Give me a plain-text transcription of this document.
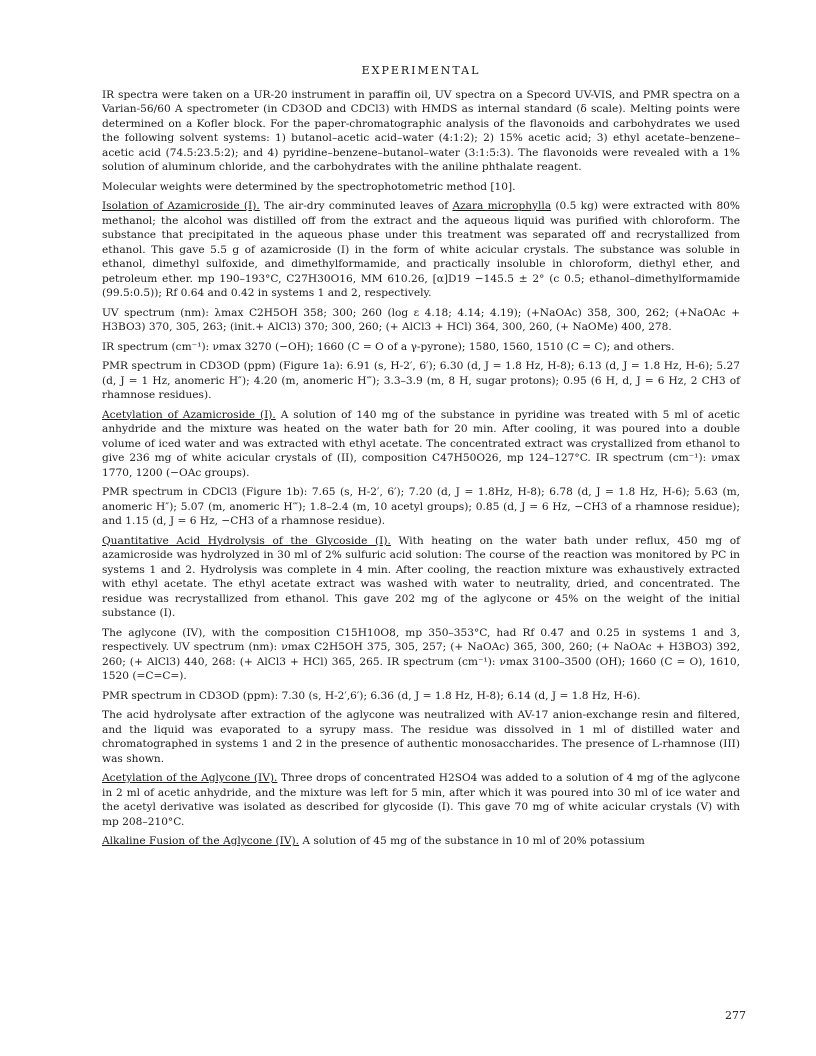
EXPERIMENTAL

IR spectra were taken on a UR-20 instrument in paraffin oil, UV spectra on a Specord UV-VIS, and PMR spectra on a Varian-56/60 A spectrometer (in CD3OD and CDCl3) with HMDS as internal standard (δ scale). Melting points were determined on a Kofler block. For the paper-chromatographic analysis of the flavonoids and carbohydrates we used the following solvent systems: 1) butanol–acetic acid–water (4:1:2); 2) 15% acetic acid; 3) ethyl acetate–benzene–acetic acid (74.5:23.5:2); and 4) pyridine–benzene–butanol–water (3:1:5:3). The flavonoids were revealed with a 1% solution of aluminum chloride, and the carbohydrates with the aniline phthalate reagent.

Molecular weights were determined by the spectrophotometric method [10].

Isolation of Azamicroside (I). The air-dry comminuted leaves of Azara microphylla (0.5 kg) were extracted with 80% methanol; the alcohol was distilled off from the extract and the aqueous liquid was purified with chloroform. The substance that precipitated in the aqueous phase under this treatment was separated off and recrystallized from ethanol. This gave 5.5 g of azamicroside (I) in the form of white acicular crystals. The substance was soluble in ethanol, dimethyl sulfoxide, and dimethylformamide, and practically insoluble in chloroform, diethyl ether, and petroleum ether. mp 190–193°C, C27H30O16, MM 610.26, [α]D19 −145.5 ± 2° (c 0.5; ethanol–dimethylformamide (99.5:0.5)); Rf 0.64 and 0.42 in systems 1 and 2, respectively.

UV spectrum (nm): λmax C2H5OH 358; 300; 260 (log ε 4.18; 4.14; 4.19); (+NaOAc) 358, 300, 262; (+NaOAc + H3BO3) 370, 305, 263; (init.+ AlCl3) 370; 300, 260; (+ AlCl3 + HCl) 364, 300, 260, (+ NaOMe) 400, 278.

IR spectrum (cm⁻¹): νmax 3270 (−OH); 1660 (C = O of a γ-pyrone); 1580, 1560, 1510 (C = C); and others.

PMR spectrum in CD3OD (ppm) (Figure 1a): 6.91 (s, H-2′, 6′); 6.30 (d, J = 1.8 Hz, H-8); 6.13 (d, J = 1.8 Hz, H-6); 5.27 (d, J = 1 Hz, anomeric H″); 4.20 (m, anomeric H‴); 3.3–3.9 (m, 8 H, sugar protons); 0.95 (6 H, d, J = 6 Hz, 2 CH3 of rhamnose residues).

Acetylation of Azamicroside (I). A solution of 140 mg of the substance in pyridine was treated with 5 ml of acetic anhydride and the mixture was heated on the water bath for 20 min. After cooling, it was poured into a double volume of iced water and was extracted with ethyl acetate. The concentrated extract was crystallized from ethanol to give 236 mg of white acicular crystals of (II), composition C47H50O26, mp 124–127°C. IR spectrum (cm⁻¹): νmax 1770, 1200 (−OAc groups).

PMR spectrum in CDCl3 (Figure 1b): 7.65 (s, H-2′, 6′); 7.20 (d, J = 1.8Hz, H-8); 6.78 (d, J = 1.8 Hz, H-6); 5.63 (m, anomeric H″); 5.07 (m, anomeric H‴); 1.8–2.4 (m, 10 acetyl groups); 0.85 (d, J = 6 Hz, −CH3 of a rhamnose residue); and 1.15 (d, J = 6 Hz, −CH3 of a rhamnose residue).

Quantitative Acid Hydrolysis of the Glycoside (I). With heating on the water bath under reflux, 450 mg of azamicroside was hydrolyzed in 30 ml of 2% sulfuric acid solution: The course of the reaction was monitored by PC in systems 1 and 2. Hydrolysis was complete in 4 min. After cooling, the reaction mixture was exhaustively extracted with ethyl acetate. The ethyl acetate extract was washed with water to neutrality, dried, and concentrated. The residue was recrystallized from ethanol. This gave 202 mg of the aglycone or 45% on the weight of the initial substance (I).

The aglycone (IV), with the composition C15H10O8, mp 350–353°C, had Rf 0.47 and 0.25 in systems 1 and 3, respectively. UV spectrum (nm): νmax C2H5OH 375, 305, 257; (+ NaOAc) 365, 300, 260; (+ NaOAc + H3BO3) 392, 260; (+ AlCl3) 440, 268: (+ AlCl3 + HCl) 365, 265. IR spectrum (cm⁻¹): νmax 3100–3500 (OH); 1660 (C = O), 1610, 1520 (=C=C=).

PMR spectrum in CD3OD (ppm): 7.30 (s, H-2′,6′); 6.36 (d, J = 1.8 Hz, H-8); 6.14 (d, J = 1.8 Hz, H-6).

The acid hydrolysate after extraction of the aglycone was neutralized with AV-17 anion-exchange resin and filtered, and the liquid was evaporated to a syrupy mass. The residue was dissolved in 1 ml of distilled water and chromatographed in systems 1 and 2 in the presence of authentic monosaccharides. The presence of L-rhamnose (III) was shown.

Acetylation of the Aglycone (IV). Three drops of concentrated H2SO4 was added to a solution of 4 mg of the aglycone in 2 ml of acetic anhydride, and the mixture was left for 5 min, after which it was poured into 30 ml of ice water and the acetyl derivative was isolated as described for glycoside (I). This gave 70 mg of white acicular crystals (V) with mp 208–210°C.

Alkaline Fusion of the Aglycone (IV). A solution of 45 mg of the substance in 10 ml of 20% potassium

277
